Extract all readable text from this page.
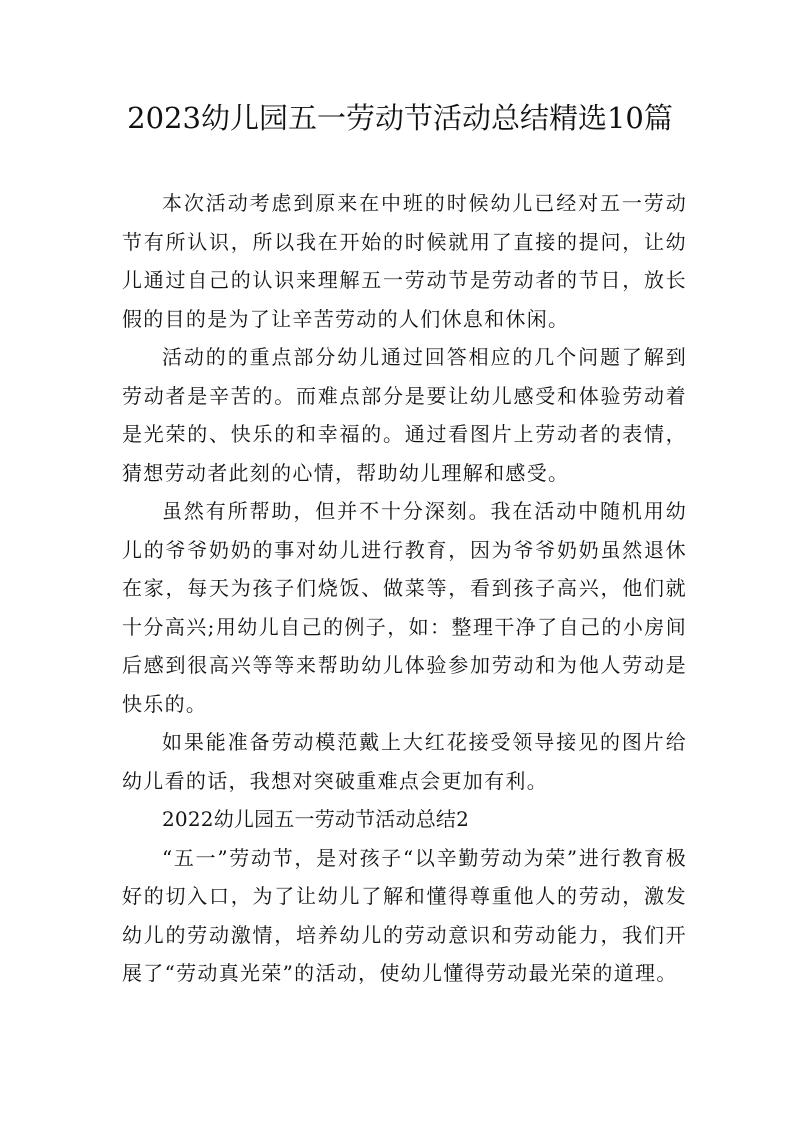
2023幼儿园五一劳动节活动总结精选10篇

本次活动考虑到原来在中班的时候幼儿已经对五一劳动节有所认识，所以我在开始的时候就用了直接的提问，让幼儿通过自己的认识来理解五一劳动节是劳动者的节日，放长假的目的是为了让辛苦劳动的人们休息和休闲。

活动的的重点部分幼儿通过回答相应的几个问题了解到劳动者是辛苦的。而难点部分是要让幼儿感受和体验劳动着是光荣的、快乐的和幸福的。通过看图片上劳动者的表情，猜想劳动者此刻的心情，帮助幼儿理解和感受。

虽然有所帮助，但并不十分深刻。我在活动中随机用幼儿的爷爷奶奶的事对幼儿进行教育，因为爷爷奶奶虽然退休在家，每天为孩子们烧饭、做菜等，看到孩子高兴，他们就十分高兴;用幼儿自己的例子，如：整理干净了自己的小房间后感到很高兴等等来帮助幼儿体验参加劳动和为他人劳动是快乐的。

如果能准备劳动模范戴上大红花接受领导接见的图片给幼儿看的话，我想对突破重难点会更加有利。

2022幼儿园五一劳动节活动总结2

“五一”劳动节，是对孩子“以辛勤劳动为荣”进行教育极好的切入口，为了让幼儿了解和懂得尊重他人的劳动，激发幼儿的劳动激情，培养幼儿的劳动意识和劳动能力，我们开展了“劳动真光荣”的活动，使幼儿懂得劳动最光荣的道理。
